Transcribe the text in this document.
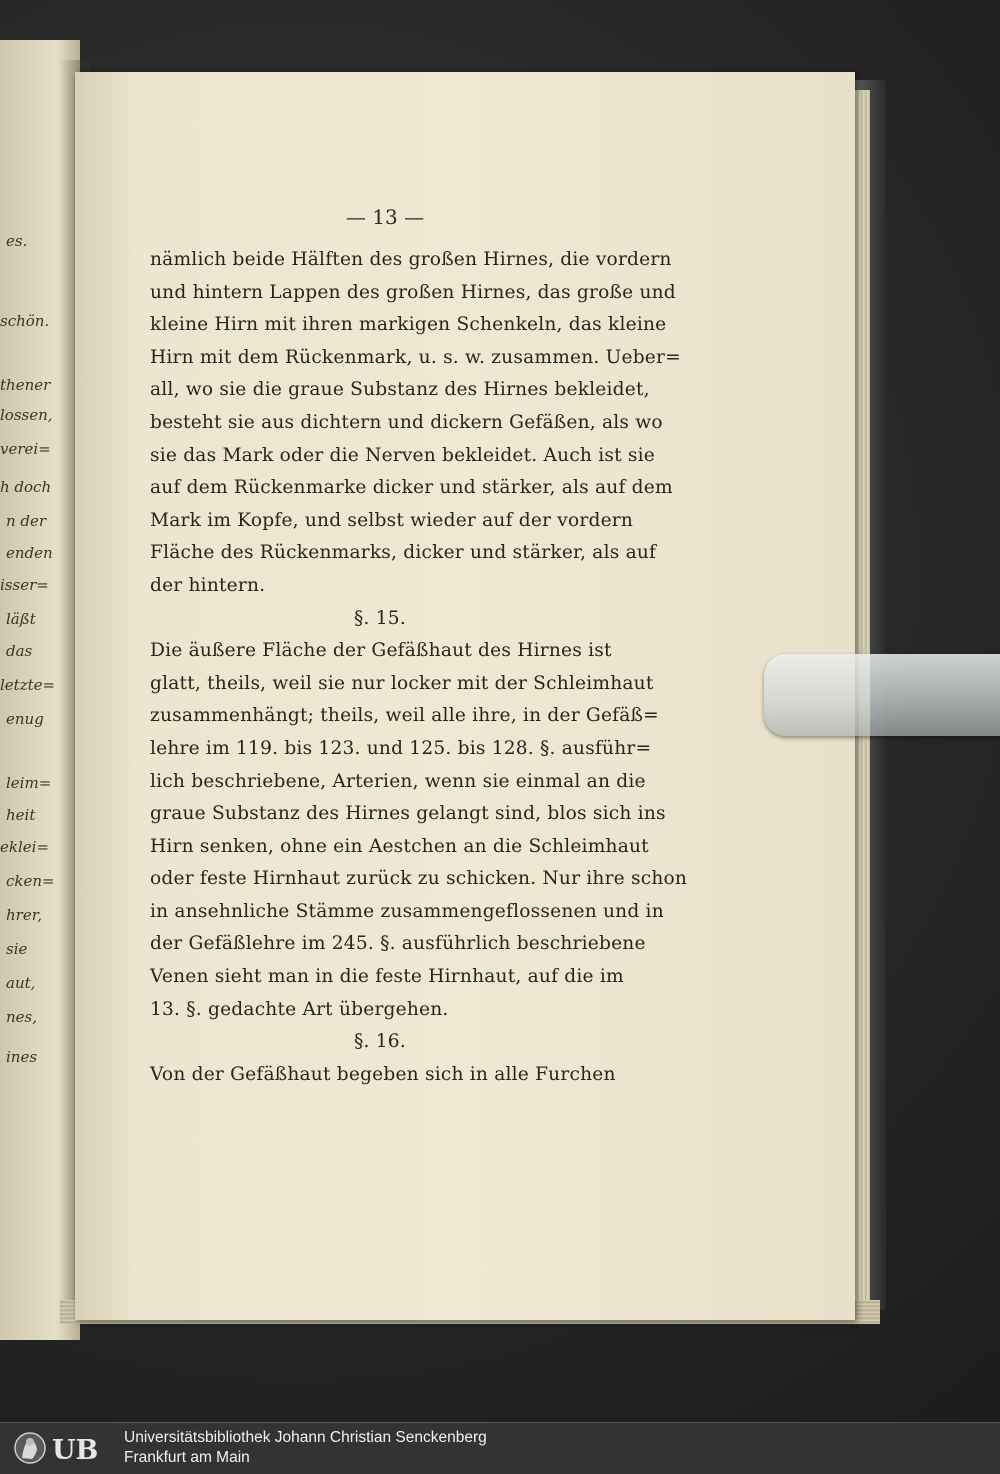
es.
schön.
thener
lossen,
verei=
h doch
n der
enden
isser=
läßt
das
letzte=
enug
leim=
heit
eklei=
cken=
hrer,
sie
aut,
nes,
ines
— 13 —
nämlich beide Hälften des großen Hirnes, die vordern
und hintern Lappen des großen Hirnes, das große und
kleine Hirn mit ihren markigen Schenkeln, das kleine
Hirn mit dem Rückenmark, u. s. w. zusammen. Ueber=
all, wo sie die graue Substanz des Hirnes bekleidet,
besteht sie aus dichtern und dickern Gefäßen, als wo
sie das Mark oder die Nerven bekleidet. Auch ist sie
auf dem Rückenmarke dicker und stärker, als auf dem
Mark im Kopfe, und selbst wieder auf der vordern
Fläche des Rückenmarks, dicker und stärker, als auf
der hintern.
§. 15.
Die äußere Fläche der Gefäßhaut des Hirnes ist
glatt, theils, weil sie nur locker mit der Schleimhaut
zusammenhängt; theils, weil alle ihre, in der Gefäß=
lehre im 119. bis 123. und 125. bis 128. §. ausführ=
lich beschriebene, Arterien, wenn sie einmal an die
graue Substanz des Hirnes gelangt sind, blos sich ins
Hirn senken, ohne ein Aestchen an die Schleimhaut
oder feste Hirnhaut zurück zu schicken. Nur ihre schon
in ansehnliche Stämme zusammengeflossenen und in
der Gefäßlehre im 245. §. ausführlich beschriebene
Venen sieht man in die feste Hirnhaut, auf die im
13. §. gedachte Art übergehen.
§. 16.
Von der Gefäßhaut begeben sich in alle Furchen
UB Universitätsbibliothek Johann Christian Senckenberg
Frankfurt am Main
